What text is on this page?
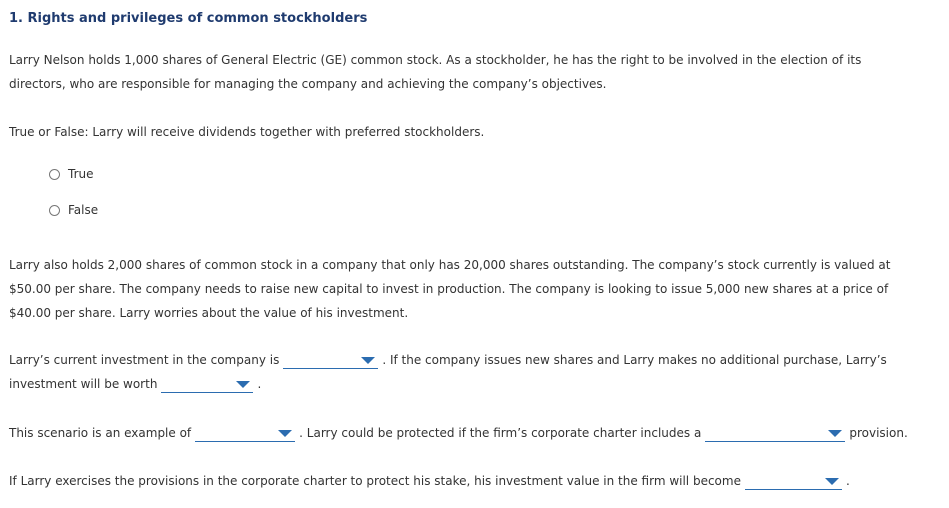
1. Rights and privileges of common stockholders

Larry Nelson holds 1,000 shares of General Electric (GE) common stock. As a stockholder, he has the right to be involved in the election of its directors, who are responsible for managing the company and achieving the company’s objectives.

True or False: Larry will receive dividends together with preferred stockholders.
True
False

Larry also holds 2,000 shares of common stock in a company that only has 20,000 shares outstanding. The company’s stock currently is valued at $50.00 per share. The company needs to raise new capital to invest in production. The company is looking to issue 5,000 new shares at a price of $40.00 per share. Larry worries about the value of his investment.

Larry’s current investment in the company is	. If the company issues new shares and Larry makes no additional purchase, Larry’s
investment will be worth	.
This scenario is an example of	. Larry could be protected if the firm’s corporate charter includes a	provision.
If Larry exercises the provisions in the corporate charter to protect his stake, his investment value in the firm will become	.
